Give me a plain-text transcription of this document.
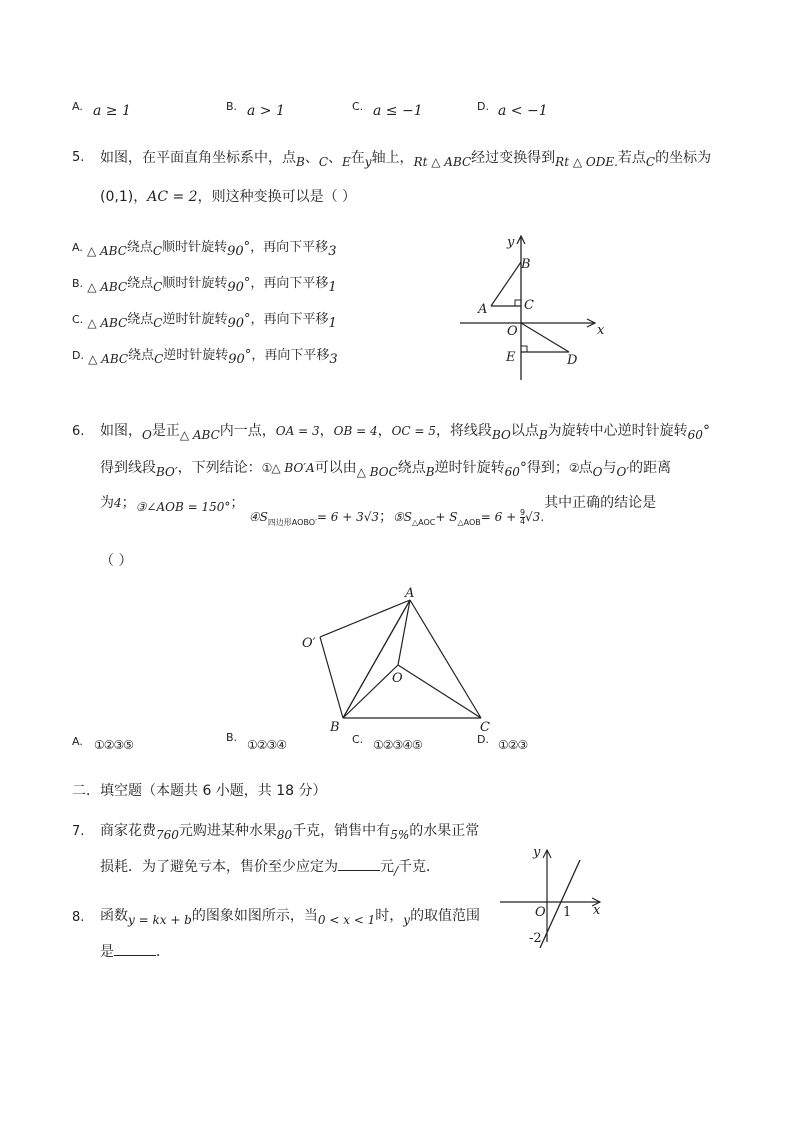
A. a ≥ 1	B. a > 1	C. a ≤ −1	D. a < −1
5. 如图，在平面直角坐标系中，点B、C、E在y轴上，Rt △ ABC经过变换得到Rt △ ODE.若点C的坐标为
(0,1)，AC = 2，则这种变换可以是（ ）
A. △ ABC绕点C顺时针旋转90°，再向下平移3
B. △ ABC绕点C顺时针旋转90°，再向下平移1
C. △ ABC绕点C逆时针旋转90°，再向下平移1
D. △ ABC绕点C逆时针旋转90°，再向下平移3
y
x
B
A	C
O
E	D
6. 如图，O是正△ ABC内一点，OA = 3，OB = 4，OC = 5，将线段BO以点B为旋转中心逆时针旋转60°
得到线段BO′，下列结论：①△ BO′A可以由△ BOC绕点B逆时针旋转60°得到；②点O与O′的距离
为4；③∠AOB = 150°； $④S_{四边形AOBO'}= 6 + 3√3$；$⑤S_{\triangle AOC}+ S_{\triangle AOB}= 6 + \frac{9}{4} √3$.其中正确的结论是
（ ）
A
O′
O
B	C
A. ①②③⑤
B.
①②③④	C. ①②③④⑤	D. ①②③
二．填空题（本题共 6 小题，共 18 分）
7. 商家花费760元购进某种水果80千克，销售中有5%的水果正常
损耗．为了避免亏本，售价至少应定为	元/千克．
8. 函数y = kx + b的图象如图所示，当0 < x < 1时，y的取值范围
是	．
y
x
O 1
-2
